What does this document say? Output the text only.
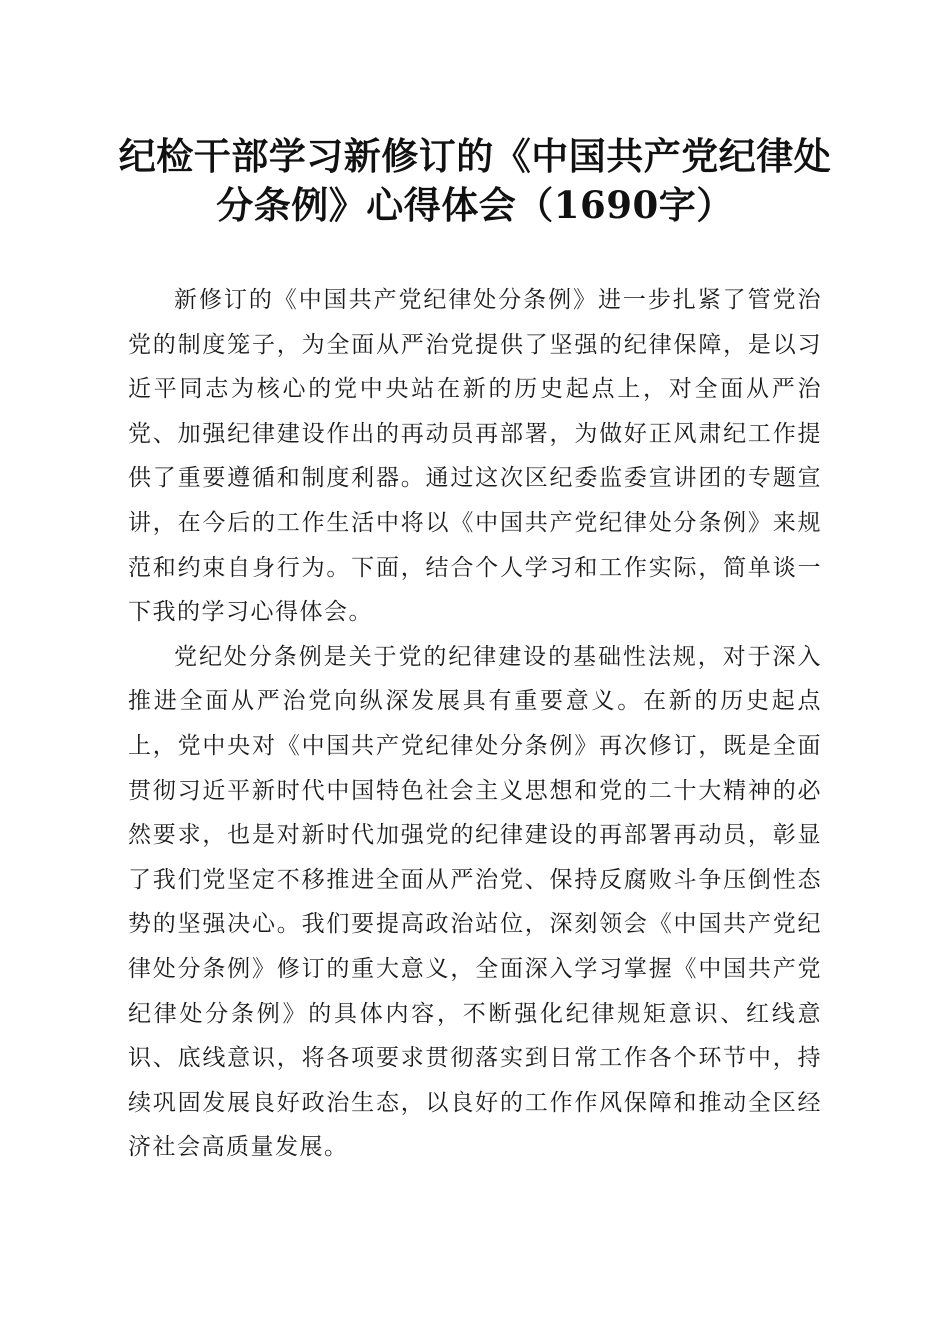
纪检干部学习新修订的《中国共产党纪律处分条例》心得体会（1690字）

新修订的《中国共产党纪律处分条例》进一步扎紧了管党治党的制度笼子，为全面从严治党提供了坚强的纪律保障，是以习近平同志为核心的党中央站在新的历史起点上，对全面从严治党、加强纪律建设作出的再动员再部署，为做好正风肃纪工作提供了重要遵循和制度利器。通过这次区纪委监委宣讲团的专题宣讲，在今后的工作生活中将以《中国共产党纪律处分条例》来规范和约束自身行为。下面，结合个人学习和工作实际，简单谈一下我的学习心得体会。

党纪处分条例是关于党的纪律建设的基础性法规，对于深入推进全面从严治党向纵深发展具有重要意义。在新的历史起点上，党中央对《中国共产党纪律处分条例》再次修订，既是全面贯彻习近平新时代中国特色社会主义思想和党的二十大精神的必然要求，也是对新时代加强党的纪律建设的再部署再动员，彰显了我们党坚定不移推进全面从严治党、保持反腐败斗争压倒性态势的坚强决心。我们要提高政治站位，深刻领会《中国共产党纪律处分条例》修订的重大意义，全面深入学习掌握《中国共产党纪律处分条例》的具体内容，不断强化纪律规矩意识、红线意识、底线意识，将各项要求贯彻落实到日常工作各个环节中，持续巩固发展良好政治生态，以良好的工作作风保障和推动全区经济社会高质量发展。
